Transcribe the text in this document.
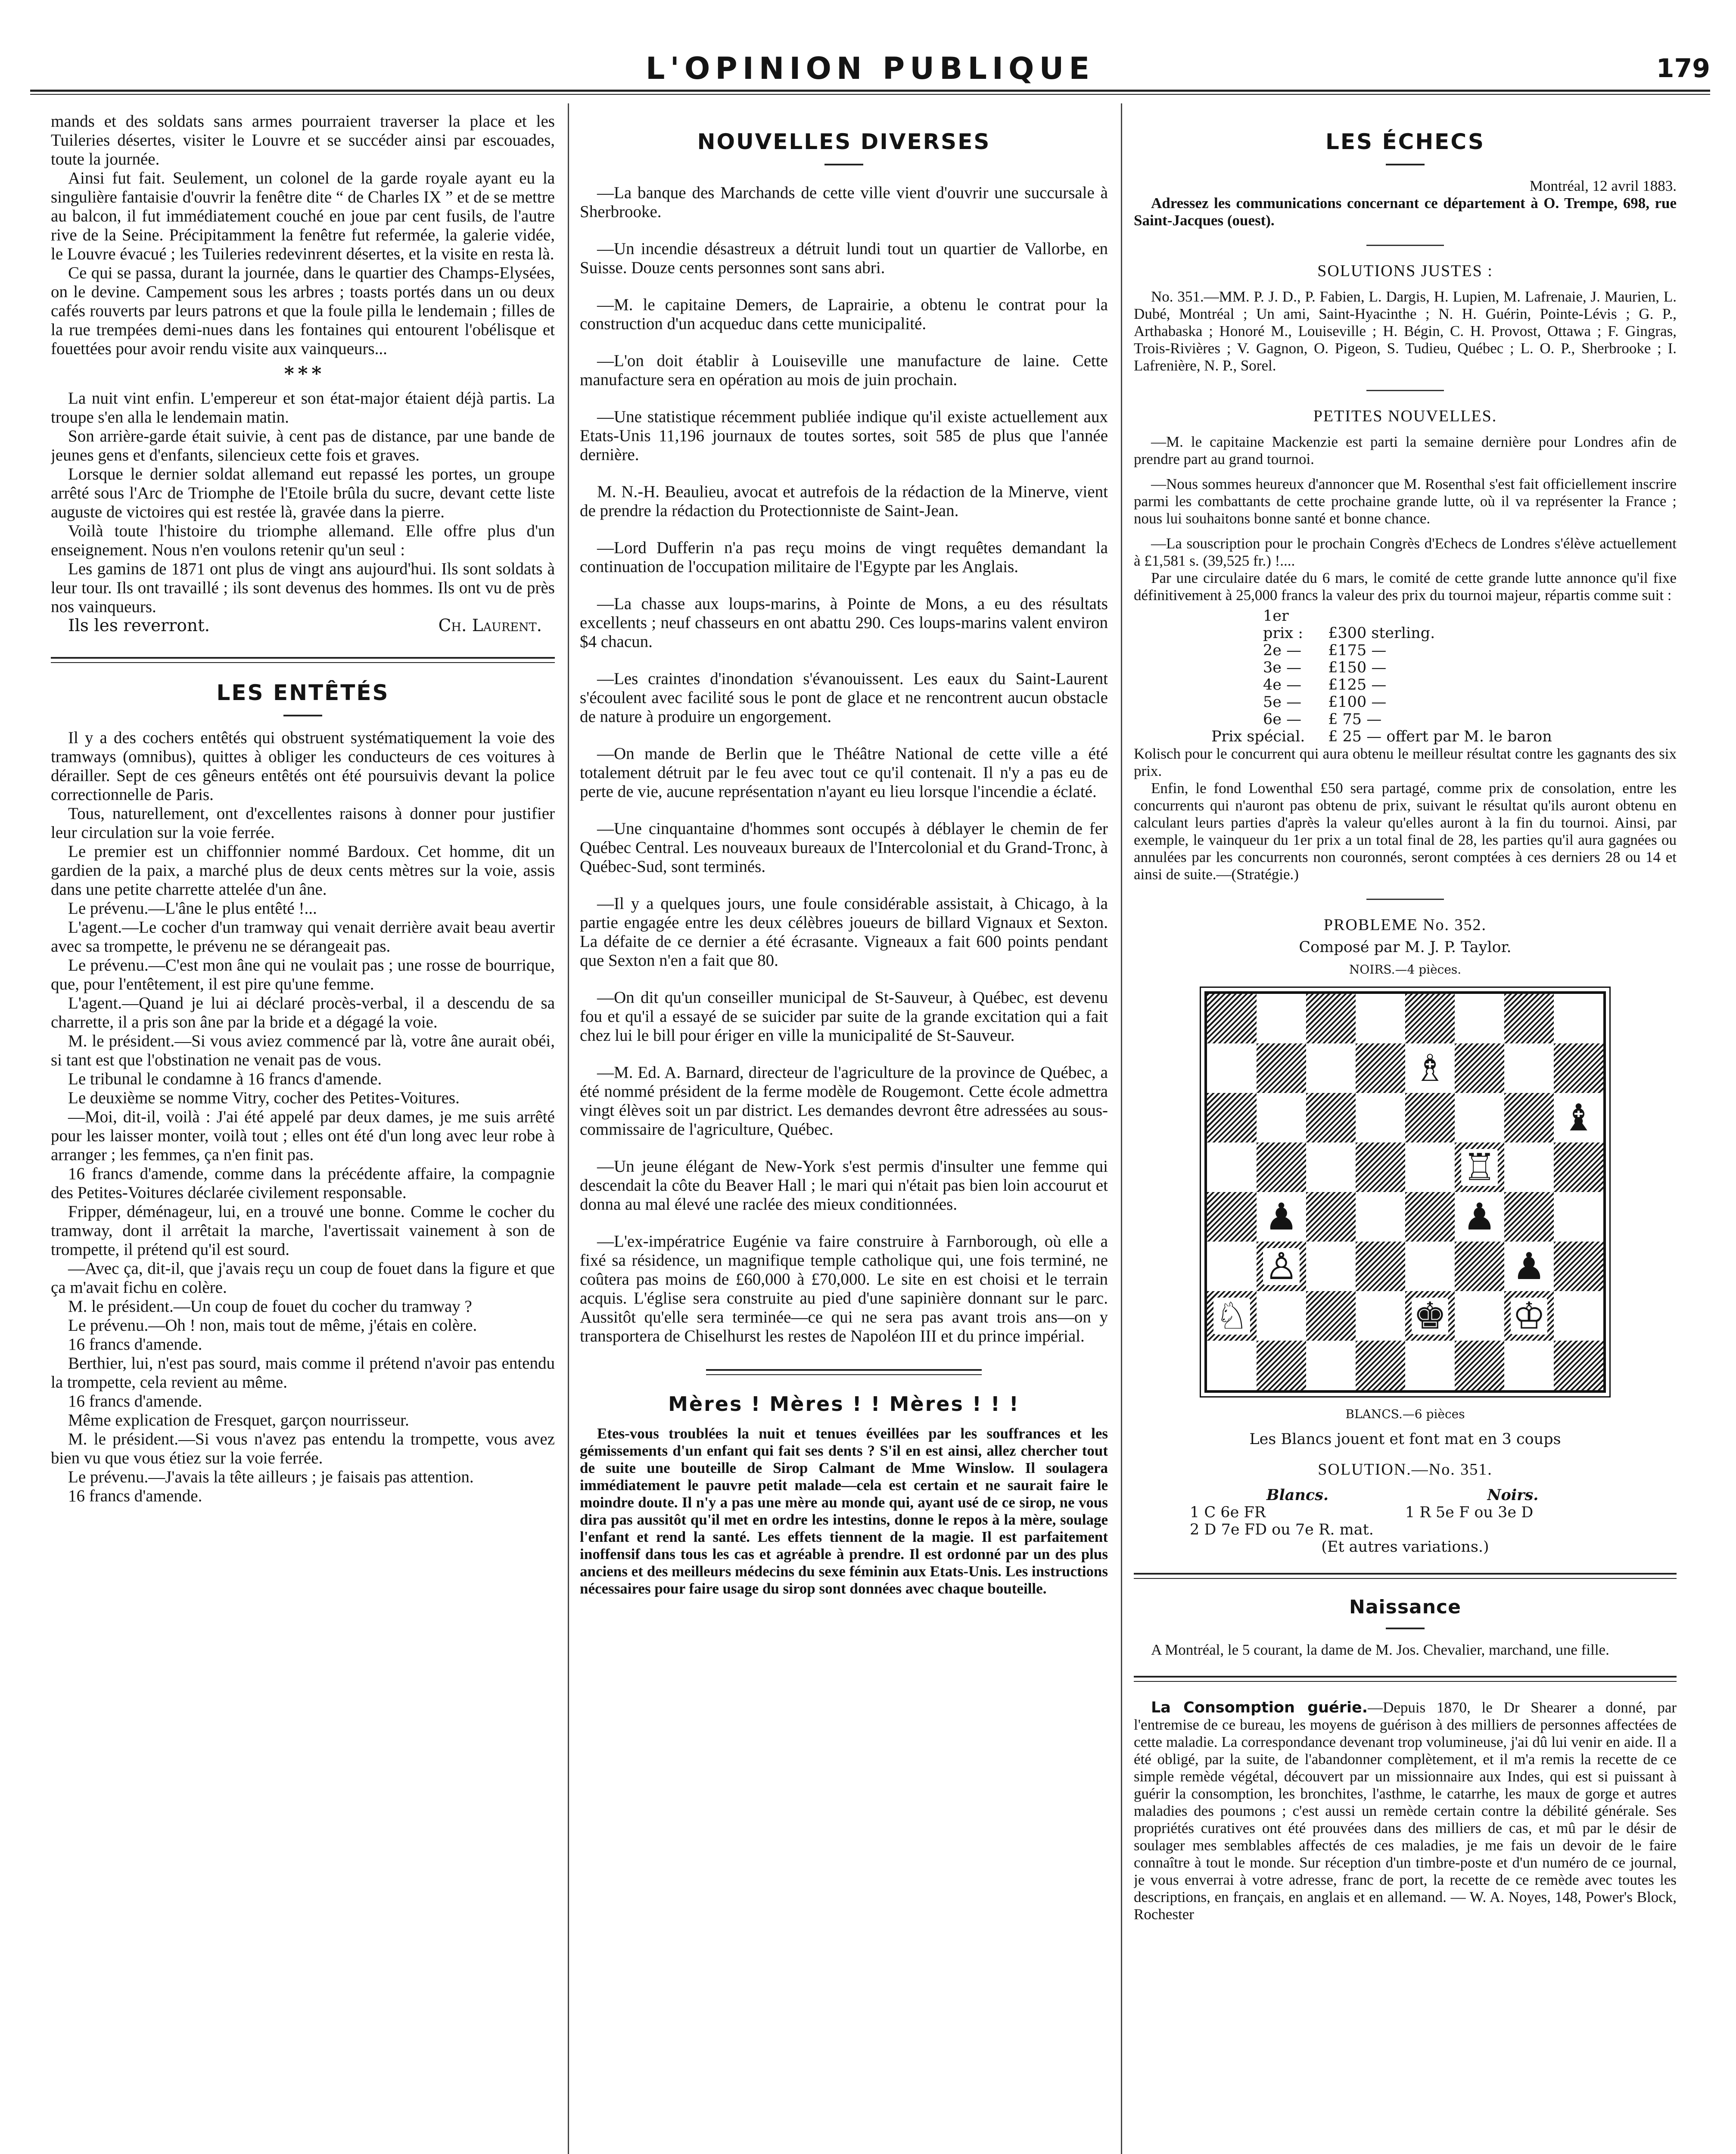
L'OPINION PUBLIQUE	179

mands et des soldats sans armes pourraient traverser la place et les Tuileries désertes, visiter le Louvre et se succéder ainsi par escouades, toute la journée.

Ainsi fut fait. Seulement, un colonel de la garde royale ayant eu la singulière fantaisie d'ouvrir la fenêtre dite “ de Charles IX ” et de se mettre au balcon, il fut immédiatement couché en joue par cent fusils, de l'autre rive de la Seine. Précipitamment la fenêtre fut refermée, la galerie vidée, le Louvre évacué ; les Tuileries redevinrent désertes, et la visite en resta là.

Ce qui se passa, durant la journée, dans le quartier des Champs-Elysées, on le devine. Campement sous les arbres ; toasts portés dans un ou deux cafés rouverts par leurs patrons et que la foule pilla le lendemain ; filles de la rue trempées demi-nues dans les fontaines qui entourent l'obélisque et fouettées pour avoir rendu visite aux vainqueurs...

* * *

La nuit vint enfin. L'empereur et son état-major étaient déjà partis. La troupe s'en alla le lendemain matin.

Son arrière-garde était suivie, à cent pas de distance, par une bande de jeunes gens et d'enfants, silencieux cette fois et graves.

Lorsque le dernier soldat allemand eut repassé les portes, un groupe arrêté sous l'Arc de Triomphe de l'Etoile brûla du sucre, devant cette liste auguste de victoires qui est restée là, gravée dans la pierre.

Voilà toute l'histoire du triomphe allemand. Elle offre plus d'un enseignement. Nous n'en voulons retenir qu'un seul :

Les gamins de 1871 ont plus de vingt ans aujourd'hui. Ils sont soldats à leur tour. Ils ont travaillé ; ils sont devenus des hommes. Ils ont vu de près nos vainqueurs.

Ils les reverront.	Ch. Laurent.
LES ENTÊTÉS

Il y a des cochers entêtés qui obstruent systématiquement la voie des tramways (omnibus), quittes à obliger les conducteurs de ces voitures à dérailler. Sept de ces gêneurs entêtés ont été poursuivis devant la police correctionnelle de Paris.

Tous, naturellement, ont d'excellentes raisons à donner pour justifier leur circulation sur la voie ferrée.

Le premier est un chiffonnier nommé Bardoux. Cet homme, dit un gardien de la paix, a marché plus de deux cents mètres sur la voie, assis dans une petite charrette attelée d'un âne.

Le prévenu.—L'âne le plus entêté !...

L'agent.—Le cocher d'un tramway qui venait derrière avait beau avertir avec sa trompette, le prévenu ne se dérangeait pas.

Le prévenu.—C'est mon âne qui ne voulait pas ; une rosse de bourrique, que, pour l'entêtement, il est pire qu'une femme.

L'agent.—Quand je lui ai déclaré procès-verbal, il a descendu de sa charrette, il a pris son âne par la bride et a dégagé la voie.

M. le président.—Si vous aviez commencé par là, votre âne aurait obéi, si tant est que l'obstination ne venait pas de vous.

Le tribunal le condamne à 16 francs d'amende.

Le deuxième se nomme Vitry, cocher des Petites-Voitures.

—Moi, dit-il, voilà : J'ai été appelé par deux dames, je me suis arrêté pour les laisser monter, voilà tout ; elles ont été d'un long avec leur robe à arranger ; les femmes, ça n'en finit pas.

16 francs d'amende, comme dans la précédente affaire, la compagnie des Petites-Voitures déclarée civilement responsable.

Fripper, déménageur, lui, en a trouvé une bonne. Comme le cocher du tramway, dont il arrêtait la marche, l'avertissait vainement à son de trompette, il prétend qu'il est sourd.

—Avec ça, dit-il, que j'avais reçu un coup de fouet dans la figure et que ça m'avait fichu en colère.

M. le président.—Un coup de fouet du cocher du tramway ?

Le prévenu.—Oh ! non, mais tout de même, j'étais en colère.

16 francs d'amende.

Berthier, lui, n'est pas sourd, mais comme il prétend n'avoir pas entendu la trompette, cela revient au même.

16 francs d'amende.

Même explication de Fresquet, garçon nourrisseur.

M. le président.—Si vous n'avez pas entendu la trompette, vous avez bien vu que vous étiez sur la voie ferrée.

Le prévenu.—J'avais la tête ailleurs ; je faisais pas attention.

16 francs d'amende.

NOUVELLES DIVERSES

—La banque des Marchands de cette ville vient d'ouvrir une succursale à Sherbrooke.

—Un incendie désastreux a détruit lundi tout un quartier de Vallorbe, en Suisse. Douze cents personnes sont sans abri.

—M. le capitaine Demers, de Laprairie, a obtenu le contrat pour la construction d'un acqueduc dans cette municipalité.

—L'on doit établir à Louiseville une manufacture de laine. Cette manufacture sera en opération au mois de juin prochain.

—Une statistique récemment publiée indique qu'il existe actuellement aux Etats-Unis 11,196 journaux de toutes sortes, soit 585 de plus que l'année dernière.

M. N.-H. Beaulieu, avocat et autrefois de la rédaction de la Minerve, vient de prendre la rédaction du Protectionniste de Saint-Jean.

—Lord Dufferin n'a pas reçu moins de vingt requêtes demandant la continuation de l'occupation militaire de l'Egypte par les Anglais.

—La chasse aux loups-marins, à Pointe de Mons, a eu des résultats excellents ; neuf chasseurs en ont abattu 290. Ces loups-marins valent environ $4 chacun.

—Les craintes d'inondation s'évanouissent. Les eaux du Saint-Laurent s'écoulent avec facilité sous le pont de glace et ne rencontrent aucun obstacle de nature à produire un engorgement.

—On mande de Berlin que le Théâtre National de cette ville a été totalement détruit par le feu avec tout ce qu'il contenait. Il n'y a pas eu de perte de vie, aucune représentation n'ayant eu lieu lorsque l'incendie a éclaté.

—Une cinquantaine d'hommes sont occupés à déblayer le chemin de fer Québec Central. Les nouveaux bureaux de l'Intercolonial et du Grand-Tronc, à Québec-Sud, sont terminés.

—Il y a quelques jours, une foule considérable assistait, à Chicago, à la partie engagée entre les deux célèbres joueurs de billard Vignaux et Sexton. La défaite de ce dernier a été écrasante. Vigneaux a fait 600 points pendant que Sexton n'en a fait que 80.

—On dit qu'un conseiller municipal de St-Sauveur, à Québec, est devenu fou et qu'il a essayé de se suicider par suite de la grande excitation qui a fait chez lui le bill pour ériger en ville la municipalité de St-Sauveur.

—M. Ed. A. Barnard, directeur de l'agriculture de la province de Québec, a été nommé président de la ferme modèle de Rougemont. Cette école admettra vingt élèves soit un par district. Les demandes devront être adressées au sous-commissaire de l'agriculture, Québec.

—Un jeune élégant de New-York s'est permis d'insulter une femme qui descendait la côte du Beaver Hall ; le mari qui n'était pas bien loin accourut et donna au mal élevé une raclée des mieux conditionnées.

—L'ex-impératrice Eugénie va faire construire à Farnborough, où elle a fixé sa résidence, un magnifique temple catholique qui, une fois terminé, ne coûtera pas moins de £60,000 à £70,000. Le site en est choisi et le terrain acquis. L'église sera construite au pied d'une sapinière donnant sur le parc. Aussitôt qu'elle sera terminée—ce qui ne sera pas avant trois ans—on y transportera de Chiselhurst les restes de Napoléon III et du prince impérial.

Mères ! Mères ! ! Mères ! ! !

Etes-vous troublées la nuit et tenues éveillées par les souffrances et les gémissements d'un enfant qui fait ses dents ? S'il en est ainsi, allez chercher tout de suite une bouteille de Sirop Calmant de Mme Winslow. Il soulagera immédiatement le pauvre petit malade—cela est certain et ne saurait faire le moindre doute. Il n'y a pas une mère au monde qui, ayant usé de ce sirop, ne vous dira pas aussitôt qu'il met en ordre les intestins, donne le repos à la mère, soulage l'enfant et rend la santé. Les effets tiennent de la magie. Il est parfaitement inoffensif dans tous les cas et agréable à prendre. Il est ordonné par un des plus anciens et des meilleurs médecins du sexe féminin aux Etats-Unis. Les instructions nécessaires pour faire usage du sirop sont données avec chaque bouteille.

LES ÉCHECS

Montréal, 12 avril 1883.

Adressez les communications concernant ce département à O. Trempe, 698, rue Saint-Jacques (ouest).

SOLUTIONS JUSTES :

No. 351.—MM. P. J. D., P. Fabien, L. Dargis, H. Lupien, M. Lafrenaie, J. Maurien, L. Dubé, Montréal ; Un ami, Saint-Hyacinthe ; N. H. Guérin, Pointe-Lévis ; G. P., Arthabaska ; Honoré M., Louiseville ; H. Bégin, C. H. Provost, Ottawa ; F. Gingras, Trois-Rivières ; V. Gagnon, O. Pigeon, S. Tudieu, Québec ; L. O. P., Sherbrooke ; I. Lafrenière, N. P., Sorel.

PETITES NOUVELLES.

—M. le capitaine Mackenzie est parti la semaine dernière pour Londres afin de prendre part au grand tournoi.

—Nous sommes heureux d'annoncer que M. Rosenthal s'est fait officiellement inscrire parmi les combattants de cette prochaine grande lutte, où il va représenter la France ; nous lui souhaitons bonne santé et bonne chance.

—La souscription pour le prochain Congrès d'Echecs de Londres s'élève actuellement à £1,581 s. (39,525 fr.) !....

Par une circulaire datée du 6 mars, le comité de cette grande lutte annonce qu'il fixe définitivement à 25,000 francs la valeur des prix du tournoi majeur, répartis comme suit :

1er prix : £300 sterling.
2e — £175 —
3e — £150 —
4e — £125 —
5e — £100 —
6e — £ 75 —
Prix spécial. £ 25 — offert par M. le baron

Kolisch pour le concurrent qui aura obtenu le meilleur résultat contre les gagnants des six prix.

Enfin, le fond Lowenthal £50 sera partagé, comme prix de consolation, entre les concurrents qui n'auront pas obtenu de prix, suivant le résultat qu'ils auront obtenu en calculant leurs parties d'après la valeur qu'elles auront à la fin du tournoi. Ainsi, par exemple, le vainqueur du 1er prix a un total final de 28, les parties qu'il aura gagnées ou annulées par les concurrents non couronnés, seront comptées à ces derniers 28 ou 14 et ainsi de suite.—(Stratégie.)

PROBLEME No. 352.
Composé par M. J. P. Taylor.
NOIRS.—4 pièces.
♗
♝
♖
♟	♟
♙	♟
♘	♚ ♔
BLANCS.—6 pièces
Les Blancs jouent et font mat en 3 coups
SOLUTION.—No. 351.
Blancs.	Noirs.
1 C 6e FR	1 R 5e F ou 3e D
2 D 7e FD ou 7e R. mat.
(Et autres variations.)
Naissance

A Montréal, le 5 courant, la dame de M. Jos. Chevalier, marchand, une fille.

La Consomption guérie.—Depuis 1870, le Dr Shearer a donné, par l'entremise de ce bureau, les moyens de guérison à des milliers de personnes affectées de cette maladie. La correspondance devenant trop volumineuse, j'ai dû lui venir en aide. Il a été obligé, par la suite, de l'abandonner complètement, et il m'a remis la recette de ce simple remède végétal, découvert par un missionnaire aux Indes, qui est si puissant à guérir la consomption, les bronchites, l'asthme, le catarrhe, les maux de gorge et autres maladies des poumons ; c'est aussi un remède certain contre la débilité générale. Ses propriétés curatives ont été prouvées dans des milliers de cas, et mû par le désir de soulager mes semblables affectés de ces maladies, je me fais un devoir de le faire connaître à tout le monde. Sur réception d'un timbre-poste et d'un numéro de ce journal, je vous enverrai à votre adresse, franc de port, la recette de ce remède avec toutes les descriptions, en français, en anglais et en allemand. — W. A. Noyes, 148, Power's Block, Rochester
